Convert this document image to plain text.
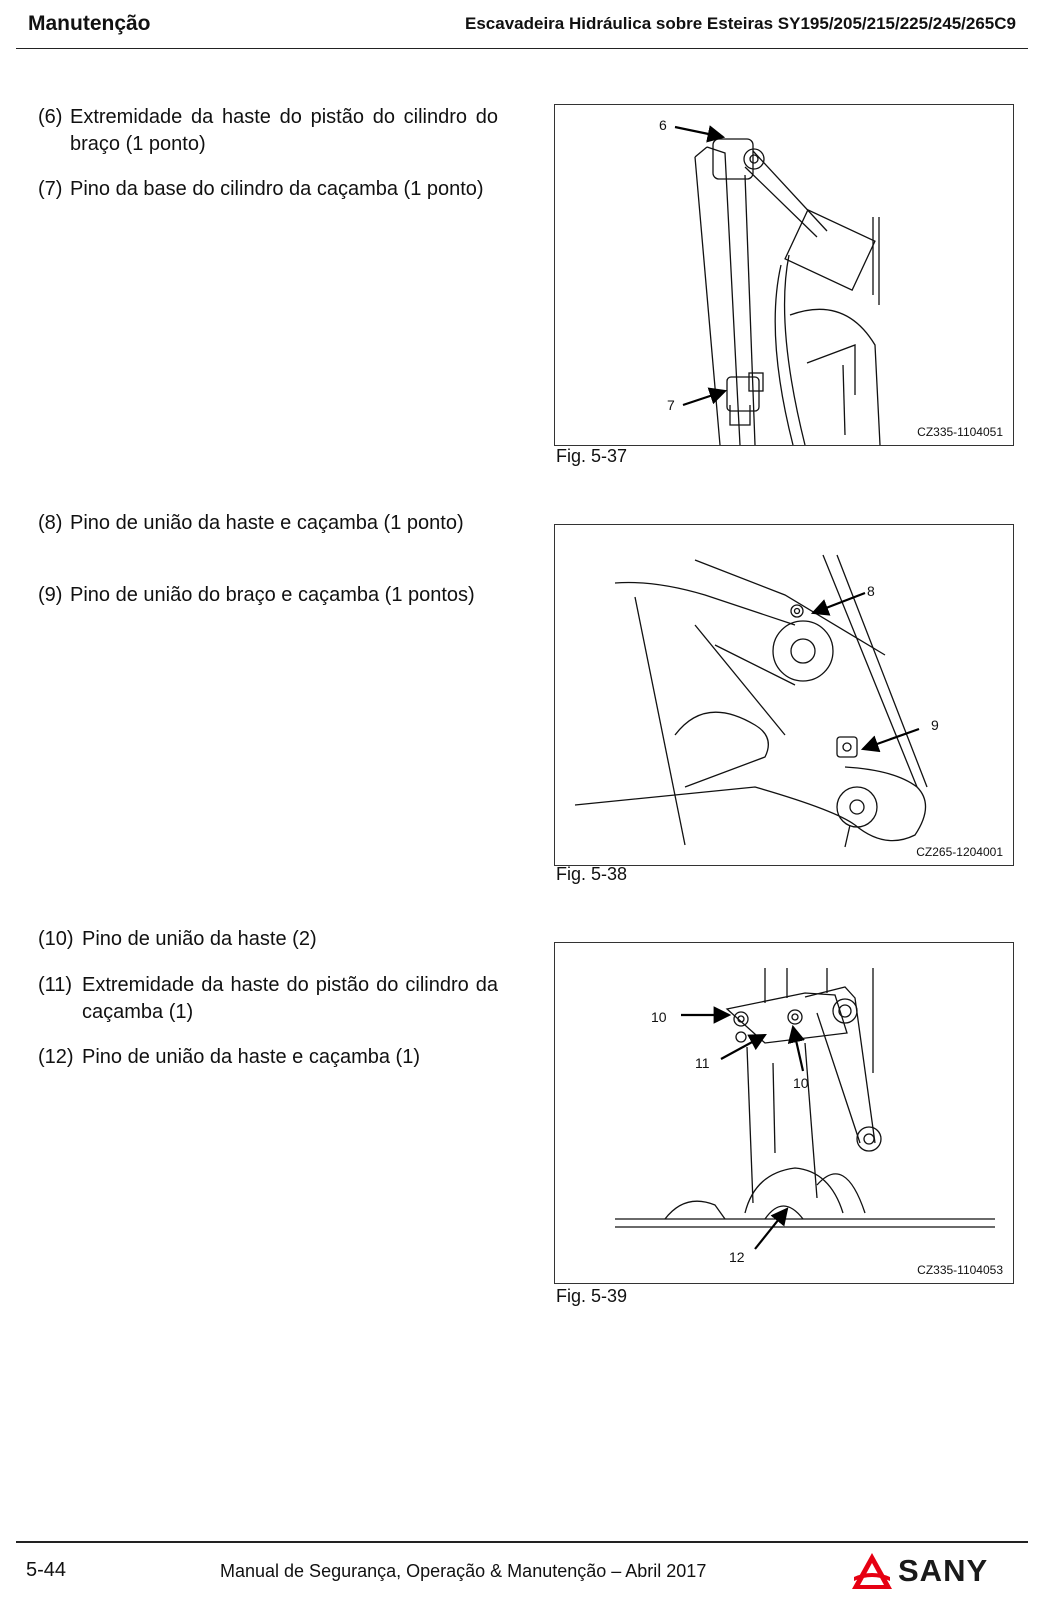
Manutenção	Escavadeira Hidráulica sobre Esteiras SY195/205/215/225/245/265C9
(6) Extremidade da haste do pistão do cilindro do braço (1 ponto)
(7) Pino da base do cilindro da caçamba (1 ponto)
(8) Pino de união da haste e caçamba (1 ponto)
(9) Pino de união do braço e caçamba (1 pontos)
(10) Pino de união da haste (2)
(11) Extremidade da haste do pistão do cilindro da caçamba (1)
(12) Pino de união da haste e caçamba (1)
6
7
CZ335-1104051
Fig. 5-37
8
9
CZ265-1204001
Fig. 5-38
10
11
10
12
CZ335-1104053
Fig. 5-39
5-44	Manual de Segurança, Operação & Manutenção – Abril 2017	SANY
